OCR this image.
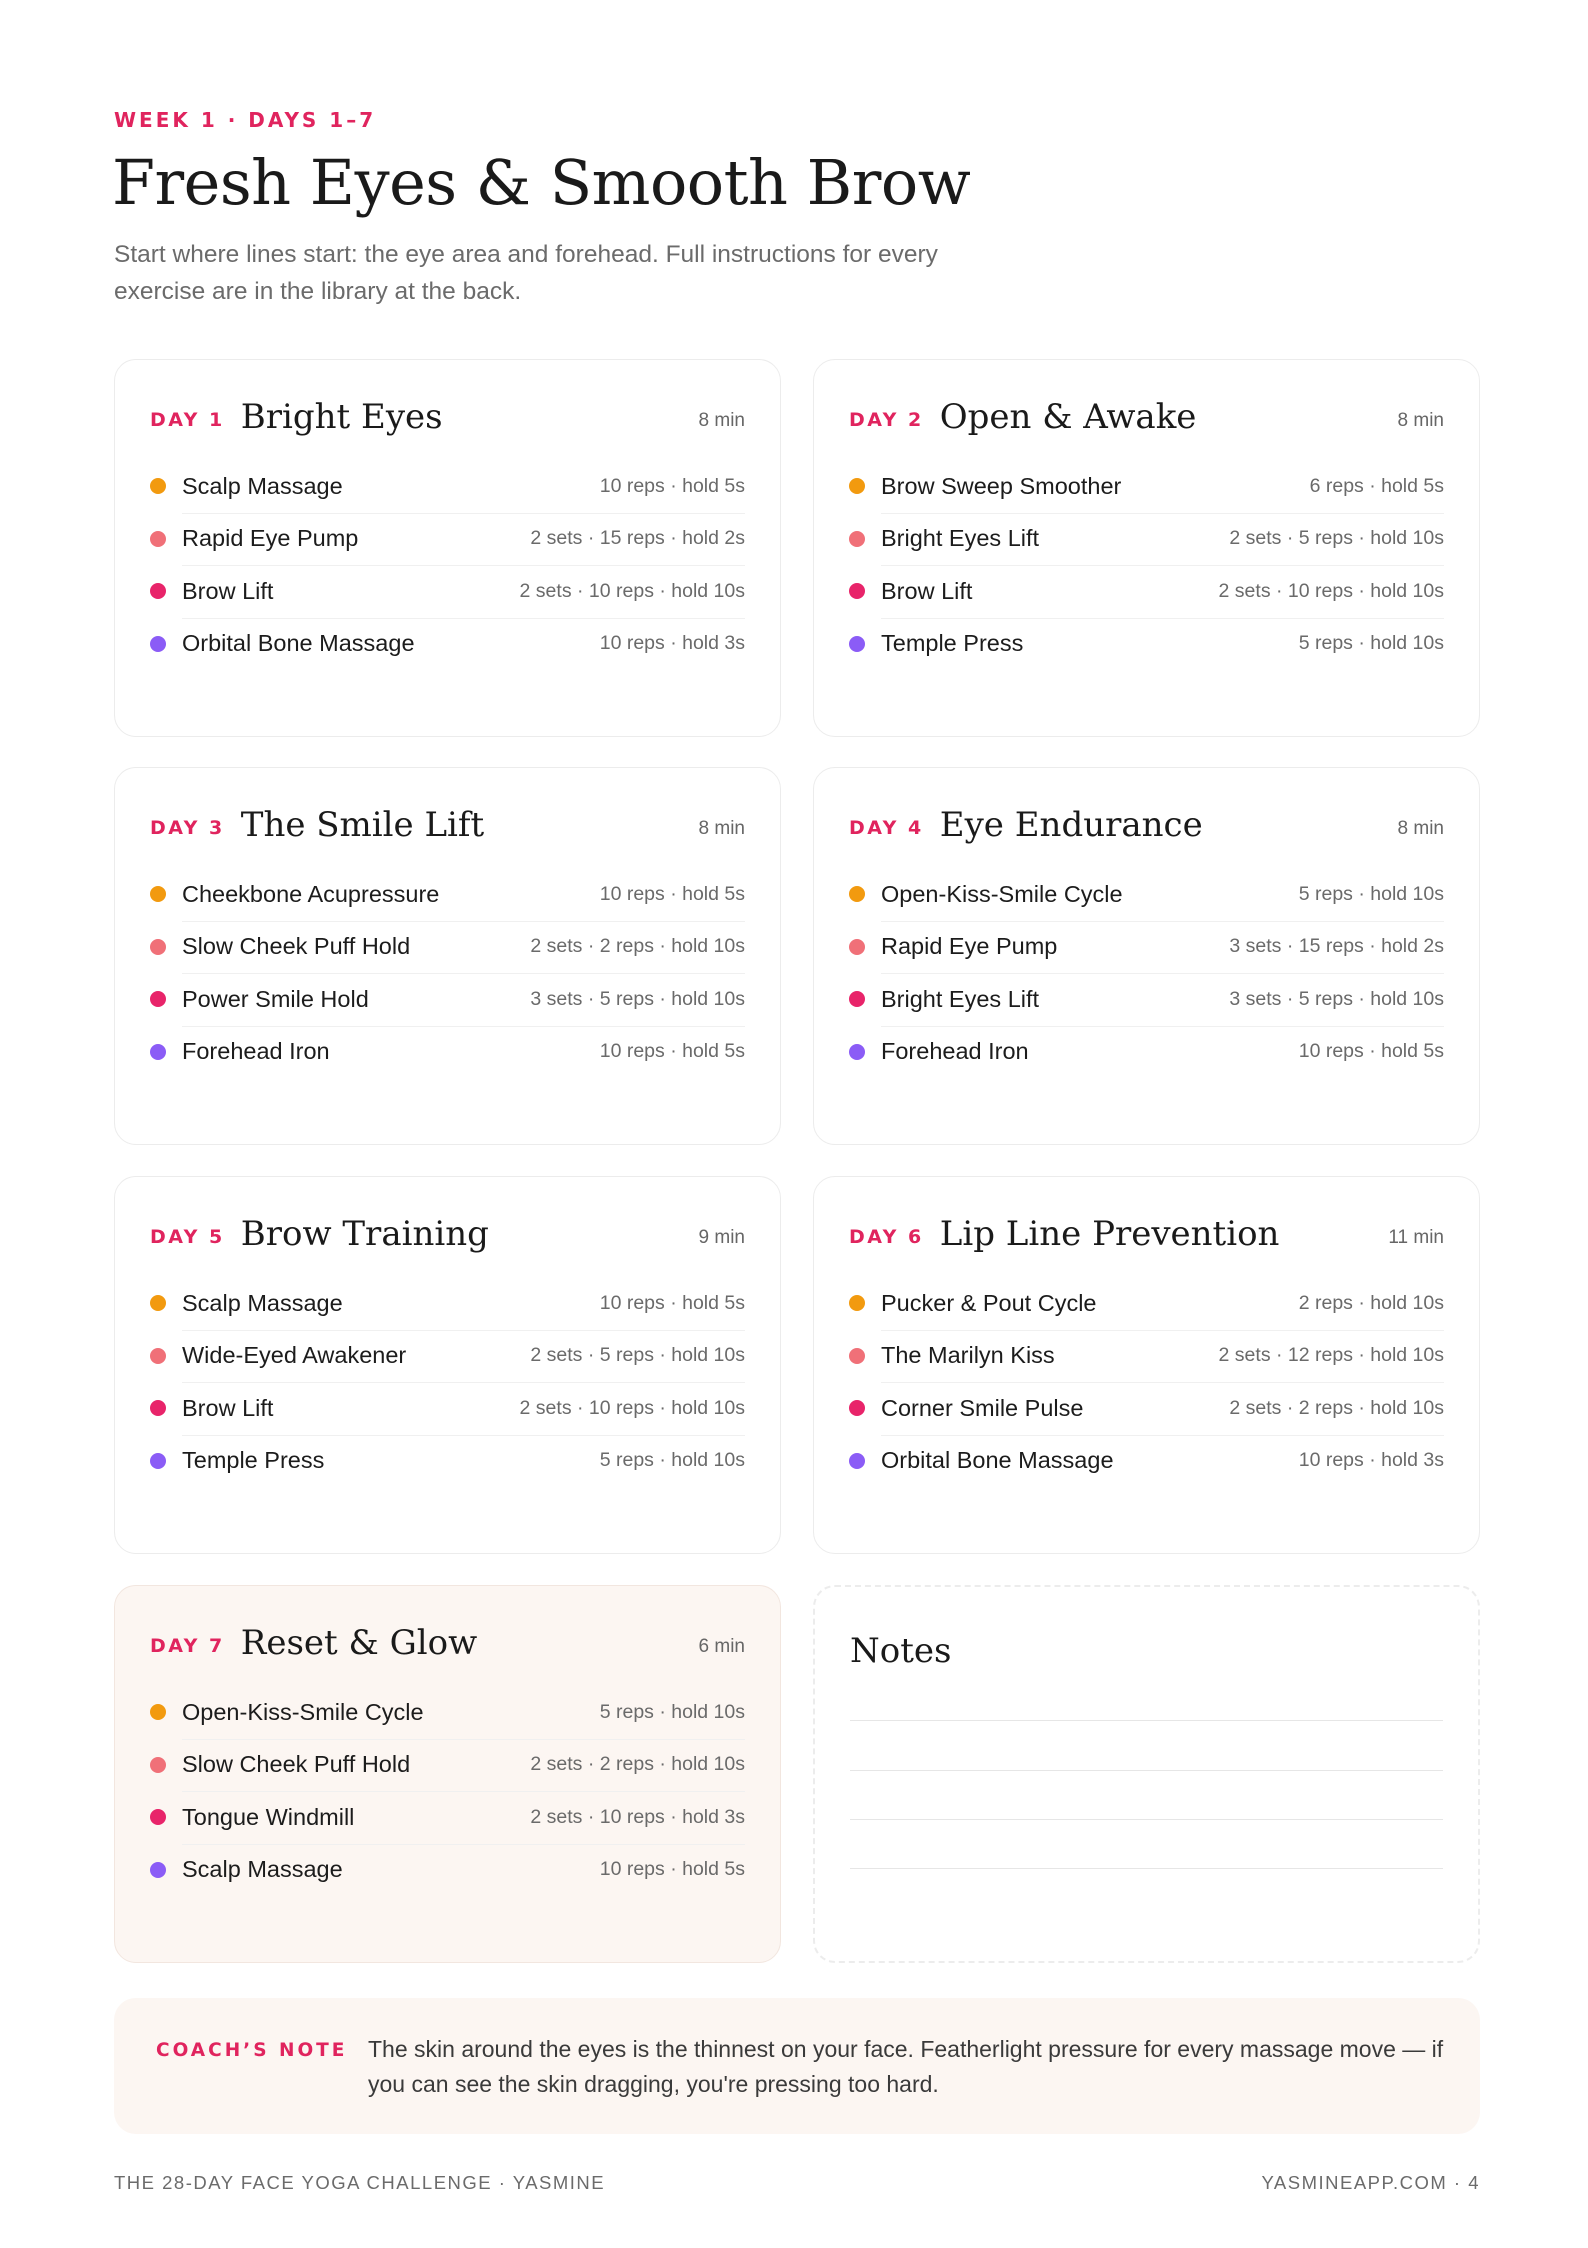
WEEK 1 · DAYS 1–7
Fresh Eyes & Smooth Brow

Start where lines start: the eye area and forehead. Full instructions for every exercise are in the library at the back.

DAY 1 Bright Eyes	8 min
Scalp Massage	10 reps · hold 5s
Rapid Eye Pump	2 sets · 15 reps · hold 2s
Brow Lift	2 sets · 10 reps · hold 10s
Orbital Bone Massage	10 reps · hold 3s
DAY 2 Open & Awake	8 min
Brow Sweep Smoother	6 reps · hold 5s
Bright Eyes Lift	2 sets · 5 reps · hold 10s
Brow Lift	2 sets · 10 reps · hold 10s
Temple Press	5 reps · hold 10s
DAY 3 The Smile Lift	8 min
Cheekbone Acupressure	10 reps · hold 5s
Slow Cheek Puff Hold	2 sets · 2 reps · hold 10s
Power Smile Hold	3 sets · 5 reps · hold 10s
Forehead Iron	10 reps · hold 5s
DAY 4 Eye Endurance	8 min
Open-Kiss-Smile Cycle	5 reps · hold 10s
Rapid Eye Pump	3 sets · 15 reps · hold 2s
Bright Eyes Lift	3 sets · 5 reps · hold 10s
Forehead Iron	10 reps · hold 5s
DAY 5 Brow Training	9 min
Scalp Massage	10 reps · hold 5s
Wide-Eyed Awakener	2 sets · 5 reps · hold 10s
Brow Lift	2 sets · 10 reps · hold 10s
Temple Press	5 reps · hold 10s
DAY 6 Lip Line Prevention	11 min
Pucker & Pout Cycle	2 reps · hold 10s
The Marilyn Kiss	2 sets · 12 reps · hold 10s
Corner Smile Pulse	2 sets · 2 reps · hold 10s
Orbital Bone Massage	10 reps · hold 3s
DAY 7 Reset & Glow	6 min
Open-Kiss-Smile Cycle	5 reps · hold 10s
Slow Cheek Puff Hold	2 sets · 2 reps · hold 10s
Tongue Windmill	2 sets · 10 reps · hold 3s
Scalp Massage	10 reps · hold 5s
Notes
COACH’S NOTE The skin around the eyes is the thinnest on your face. Featherlight pressure for every massage move — if you can see the skin dragging, you're pressing too hard.
THE 28-DAY FACE YOGA CHALLENGE · YASMINE	YASMINEAPP.COM · 4
